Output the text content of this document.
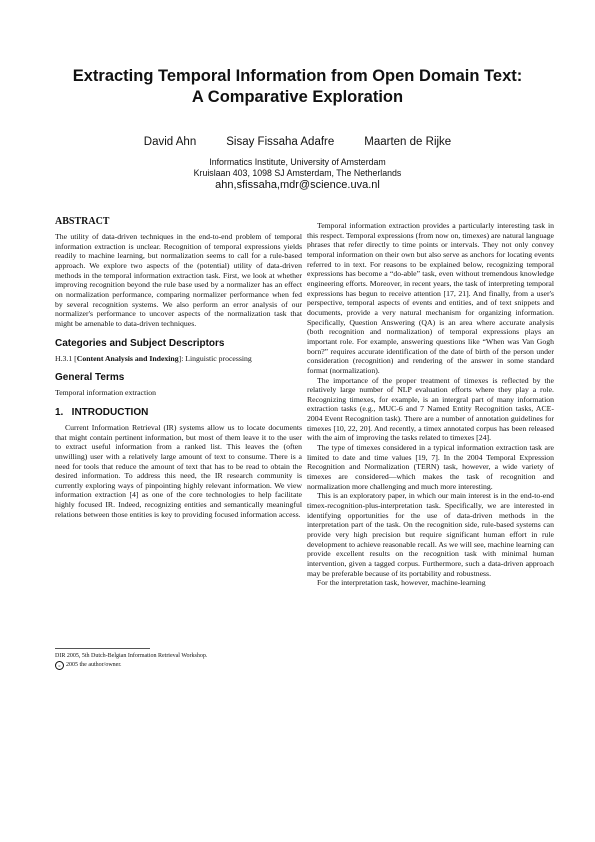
Extracting Temporal Information from Open Domain Text:
A Comparative Exploration
David Ahn	Sisay Fissaha Adafre	Maarten de Rijke
Informatics Institute, University of Amsterdam
Kruislaan 403, 1098 SJ Amsterdam, The Netherlands
ahn,sfissaha,mdr@science.uva.nl
ABSTRACT

The utility of data-driven techniques in the end-to-end problem of temporal information extraction is unclear. Recognition of temporal expressions yields readily to machine learning, but normalization seems to call for a rule-based approach. We explore two aspects of the (potential) utility of data-driven methods in the temporal information extraction task. First, we look at whether improving recognition beyond the rule base used by a normalizer has an effect on normalization performance, comparing normalizer performance when fed by several recognition systems. We also perform an error analysis of our normalizer's performance to uncover aspects of the normalization task that might be amenable to data-driven techniques.

Categories and Subject Descriptors

H.3.1 [Content Analysis and Indexing]: Linguistic processing

General Terms

Temporal information extraction

1.   INTRODUCTION

Current Information Retrieval (IR) systems allow us to locate documents that might contain pertinent information, but most of them leave it to the user to extract useful information from a ranked list. This leaves the (often unwilling) user with a relatively large amount of text to consume. There is a need for tools that reduce the amount of text that has to be read to obtain the desired information. To address this need, the IR research community is currently exploring ways of pinpointing highly relevant information. We view information extraction [4] as one of the core technologies to help facilitate highly focused IR. Indeed, recognizing entities and semantically meaningful relations between those entities is key to providing focused information access.

DIR 2005, 5th Dutch-Belgian Information Retrieval Workshop.
c 2005 the author/owner.

Temporal information extraction provides a particularly interesting task in this respect. Temporal expressions (from now on, timexes) are natural language phrases that refer directly to time points or intervals. They not only convey temporal information on their own but also serve as anchors for locating events referred to in text. For reasons to be explained below, recognizing temporal expressions has become a “do-able” task, even without tremendous knowledge engineering efforts. Moreover, in recent years, the task of interpreting temporal expressions has begun to receive attention [17, 21]. And finally, from a user's perspective, temporal aspects of events and entities, and of text snippets and documents, provide a very natural mechanism for organizing information. Specifically, Question Answering (QA) is an area where accurate analysis (both recognition and normalization) of temporal expressions plays an important role. For example, answering questions like “When was Van Gogh born?” requires accurate identification of the date of birth of the person under consideration (recognition) and rendering of the answer in some standard format (normalization).

The importance of the proper treatment of timexes is reflected by the relatively large number of NLP evaluation efforts where they play a role. Recognizing timexes, for example, is an intergral part of many information extraction tasks (e.g., MUC-6 and 7 Named Entity Recognition tasks, ACE-2004 Event Recognition task). There are a number of annotation guidelines for timexes [10, 22, 20]. And recently, a timex annotated corpus has been released with the aim of improving the tasks related to timexes [24].

The type of timexes considered in a typical information extraction task are limited to date and time values [19, 7]. In the 2004 Temporal Expression Recognition and Normalization (TERN) task, however, a wide variety of timexes are considered—which makes the task of recognition and normalization more challenging and much more interesting.

This is an exploratory paper, in which our main interest is in the end-to-end timex-recognition-plus-interpretation task. Specifically, we are interested in identifying opportunities for the use of data-driven methods in the interpretation part of the task. On the recognition side, rule-based systems can provide very high precision but require significant human effort in rule development to achieve reasonable recall. As we will see, machine learning can provide excellent results on the recognition task with minimal human intervention, given a tagged corpus. Furthermore, such a data-driven approach may be preferable because of its portability and robustness.

For the interpretation task, however, machine-learning
